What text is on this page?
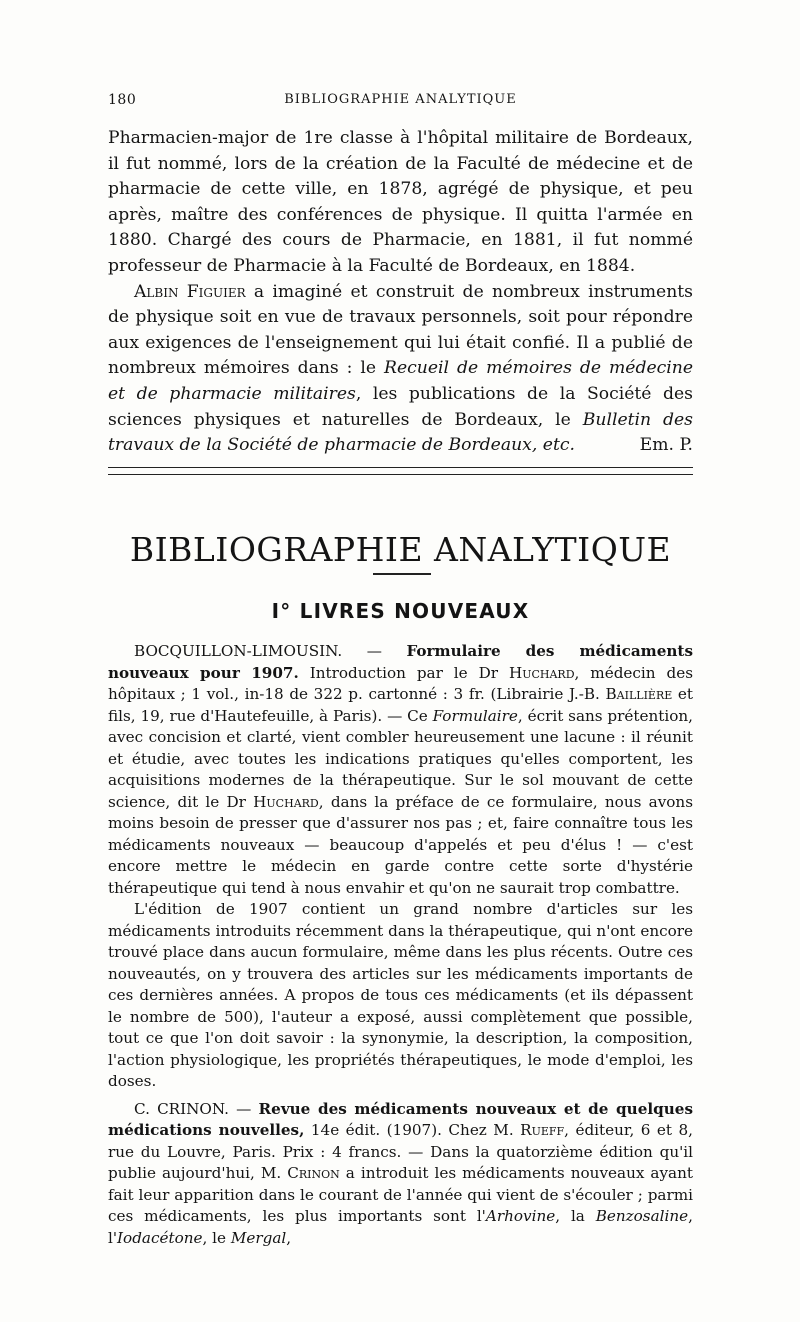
180	BIBLIOGRAPHIE ANALYTIQUE

Pharmacien-major de 1re classe à l'hôpital militaire de Bordeaux, il fut nommé, lors de la création de la Faculté de médecine et de pharmacie de cette ville, en 1878, agrégé de physique, et peu après, maître des conférences de physique. Il quitta l'armée en 1880. Chargé des cours de Pharmacie, en 1881, il fut nommé professeur de Pharmacie à la Faculté de Bordeaux, en 1884.

Albin Figuier a imaginé et construit de nombreux instruments de physique soit en vue de travaux personnels, soit pour répondre aux exigences de l'enseignement qui lui était confié. Il a publié de nombreux mémoires dans : le Recueil de mémoires de médecine et de pharmacie militaires, les publications de la Société des sciences physiques et naturelles de Bordeaux, le Bulletin des travaux de la Société de pharmacie de Bordeaux, etc.	Em. P.

BIBLIOGRAPHIE ANALYTIQUE
I° LIVRES NOUVEAUX

BOCQUILLON-LIMOUSIN. — Formulaire des médicaments nouveaux pour 1907. Introduction par le Dr Huchard, médecin des hôpitaux ; 1 vol., in-18 de 322 p. cartonné : 3 fr. (Librairie J.-B. Baillière et fils, 19, rue d'Hautefeuille, à Paris). — Ce Formulaire, écrit sans prétention, avec concision et clarté, vient combler heureusement une lacune : il réunit et étudie, avec toutes les indications pratiques qu'elles comportent, les acquisitions modernes de la thérapeutique. Sur le sol mouvant de cette science, dit le Dr Huchard, dans la préface de ce formulaire, nous avons moins besoin de presser que d'assurer nos pas ; et, faire connaître tous les médicaments nouveaux — beaucoup d'appelés et peu d'élus ! — c'est encore mettre le médecin en garde contre cette sorte d'hystérie thérapeutique qui tend à nous envahir et qu'on ne saurait trop combattre.

L'édition de 1907 contient un grand nombre d'articles sur les médicaments introduits récemment dans la thérapeutique, qui n'ont encore trouvé place dans aucun formulaire, même dans les plus récents. Outre ces nouveautés, on y trouvera des articles sur les médicaments importants de ces dernières années. A propos de tous ces médicaments (et ils dépassent le nombre de 500), l'auteur a exposé, aussi complètement que possible, tout ce que l'on doit savoir : la synonymie, la description, la composition, l'action physiologique, les propriétés thérapeutiques, le mode d'emploi, les doses.

C. CRINON. — Revue des médicaments nouveaux et de quelques médications nouvelles, 14e édit. (1907). Chez M. Rueff, éditeur, 6 et 8, rue du Louvre, Paris. Prix : 4 francs. — Dans la quatorzième édition qu'il publie aujourd'hui, M. Crinon a introduit les médicaments nouveaux ayant fait leur apparition dans le courant de l'année qui vient de s'écouler ; parmi ces médicaments, les plus importants sont l'Arhovine, la Benzosaline, l'Iodacétone, le Mergal,
